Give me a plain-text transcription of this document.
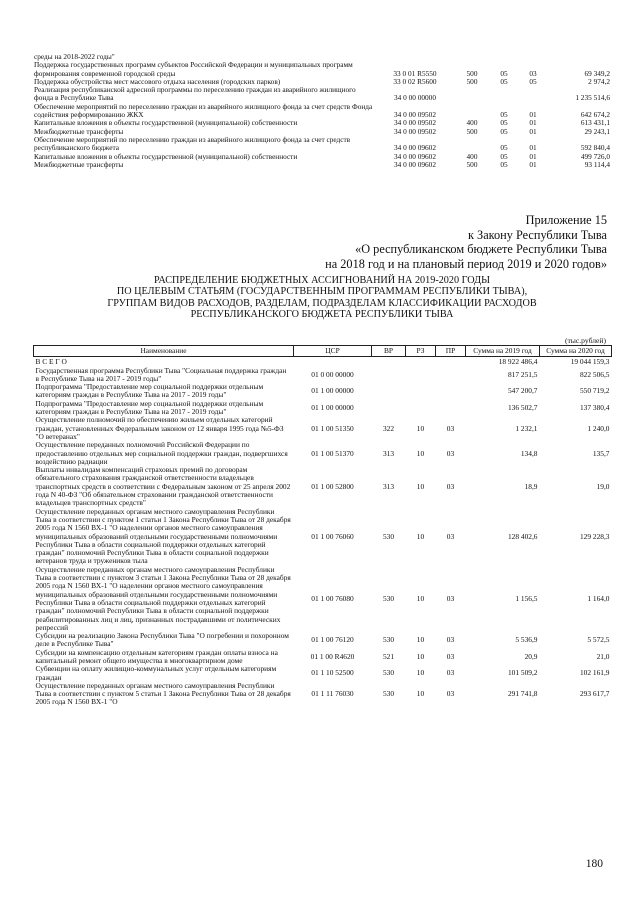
среды на 2018-2022 годы"					
Поддержка государственных программ субъектов Российской Федерации и муниципальных программ формирования современной городской среды	33 0 01 R5550	500	05	03	69 349,2
Поддержка обустройства мест массового отдыха населения (городских парков)	33 0 02 R5600	500	05	05	2 974,2
Реализация республиканской адресной программы по переселению граждан из аварийного жилищного фонда в Республике Тыва	34 0 00 00000				1 235 514,6
Обеспечение мероприятий по переселению граждан из аварийного жилищного фонда за счет средств Фонда содействия реформированию ЖКХ	34 0 00 09502		05	01	642 674,2
Капитальные вложения в объекты государственной (муниципальной) собственности	34 0 00 09502	400	05	01	613 431,1
Межбюджетные трансферты	34 0 00 09502	500	05	01	29 243,1
Обеспечение мероприятий по переселению граждан из аварийного жилищного фонда за счет средств республиканского бюджета	34 0 00 09602		05	01	592 840,4
Капитальные вложения в объекты государственной (муниципальной) собственности	34 0 00 09602	400	05	01	499 726,0
Межбюджетные трансферты	34 0 00 09602	500	05	01	93 114,4
Приложение 15
к Закону Республики Тыва
«О республиканском бюджете Республики Тыва
на 2018 год и на плановый период 2019 и 2020 годов»
РАСПРЕДЕЛЕНИЕ БЮДЖЕТНЫХ АССИГНОВАНИЙ НА 2019-2020 ГОДЫ
ПО ЦЕЛЕВЫМ СТАТЬЯМ (ГОСУДАРСТВЕННЫМ ПРОГРАММАМ РЕСПУБЛИКИ ТЫВА),
ГРУППАМ ВИДОВ РАСХОДОВ, РАЗДЕЛАМ, ПОДРАЗДЕЛАМ КЛАССИФИКАЦИИ РАСХОДОВ
РЕСПУБЛИКАНСКОГО БЮДЖЕТА РЕСПУБЛИКИ ТЫВА
(тыс.рублей)
Наименование	ЦСР	ВР	РЗ	ПР	Сумма на 2019 год	Сумма на 2020 год
В С Е Г О					18 922 486,4	19 044 159,3
Государственная программа Республики Тыва "Социальная поддержка граждан в Республике Тыва на 2017 - 2019 годы"	01 0 00 00000				817 251,5	822 506,5
Подпрограмма "Предоставление мер социальной поддержки отдельным категориям граждан в Республике Тыва на 2017 - 2019 годы"	01 1 00 00000				547 200,7	550 719,2
Подпрограмма "Предоставление мер социальной поддержки отдельным категориям граждан в Республике Тыва на 2017 - 2019 годы"	01 1 00 00000				136 502,7	137 380,4
Осуществление полномочий по обеспечению жильем отдельных категорий граждан, установленных Федеральным законом от 12 января 1995 года №5-ФЗ "О ветеранах"	01 1 00 51350	322	10	03	1 232,1	1 240,0
Осуществление переданных полномочий Российской Федерации по предоставлению отдельных мер социальной поддержки граждан, подвергшихся воздействию радиации	01 1 00 51370	313	10	03	134,8	135,7
Выплаты инвалидам компенсаций страховых премий по договорам обязательного страхования гражданской ответственности владельцев транспортных средств в соответствии с Федеральным законом от 25 апреля 2002 года N 40-ФЗ "Об обязательном страховании гражданской ответственности владельцев транспортных средств"	01 1 00 52800	313	10	03	18,9	19,0
Осуществление переданных органам местного самоуправления Республики Тыва в соответствии с пунктом 1 статьи 1 Закона Республики Тыва от 28 декабря 2005 года N 1560 ВХ-1 "О наделении органов местного самоуправления муниципальных образований отдельными государственными полномочиями Республики Тыва в области социальной поддержки отдельных категорий граждан" полномочий Республики Тыва в области социальной поддержки ветеранов труда и тружеников тыла	01 1 00 76060	530	10	03	128 402,6	129 228,3
Осуществление переданных органам местного самоуправления Республики Тыва в соответствии с пунктом 3 статьи 1 Закона Республики Тыва от 28 декабря 2005 года N 1560 ВХ-1 "О наделении органов местного самоуправления муниципальных образований отдельными государственными полномочиями Республики Тыва в области социальной поддержки отдельных категорий граждан" полномочий Республики Тыва в области социальной поддержки реабилитированных лиц и лиц, признанных пострадавшими от политических репрессий	01 1 00 76080	530	10	03	1 156,5	1 164,0
Субсидии на реализацию Закона Республики Тыва "О погребении и похоронном деле в Республике Тыва"	01 1 00 76120	530	10	03	5 536,9	5 572,5
Субсидии на компенсацию отдельным категориям граждан оплаты взноса на капитальный ремонт общего имущества в многоквартирном доме	01 1 00 R4620	521	10	03	20,9	21,0
Субвенции на оплату жилищно-коммунальных услуг отдельным категориям граждан	01 1 10 52500	530	10	03	101 509,2	102 161,9
Осуществление переданных органам местного самоуправления Республики Тыва в соответствии с пунктом 5 статьи 1 Закона Республики Тыва от 28 декабря 2005 года N 1560 ВХ-1 "О	01 1 11 76030	530	10	03	291 741,8	293 617,7
180
